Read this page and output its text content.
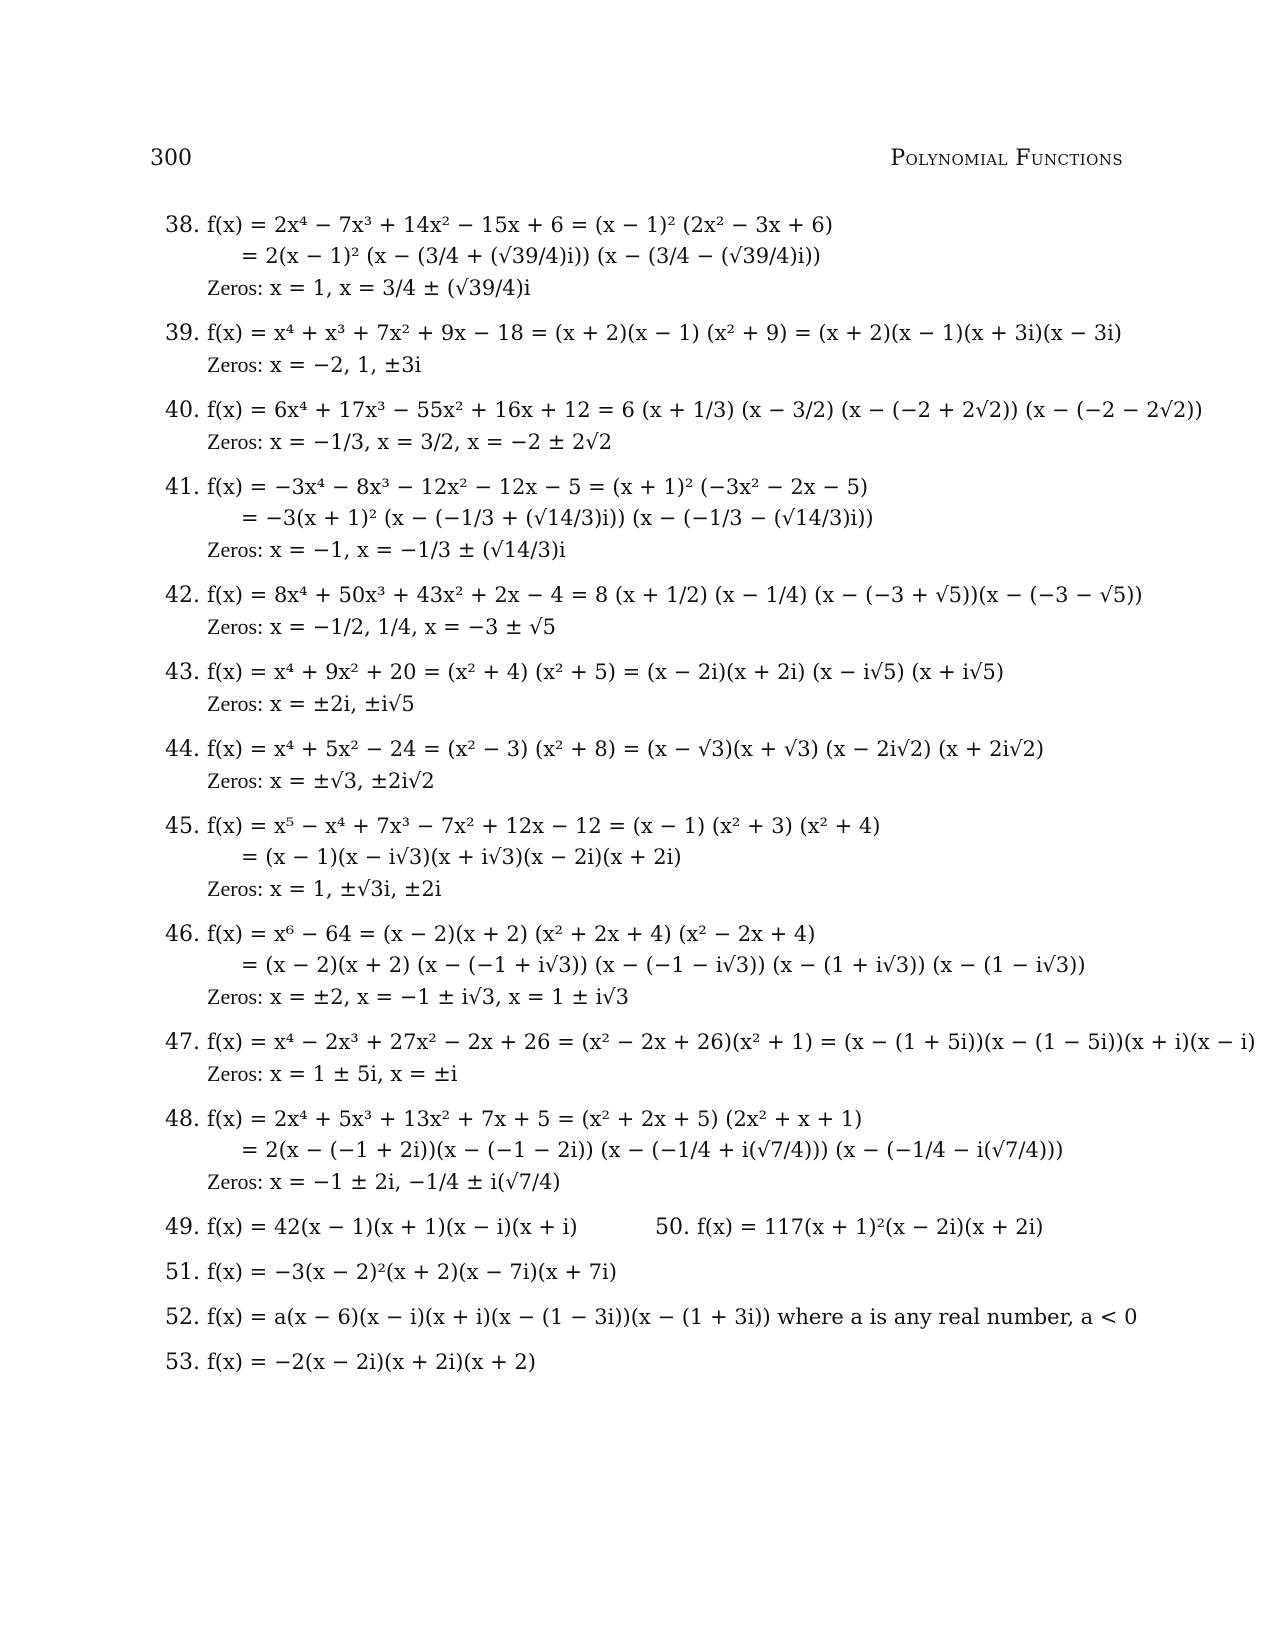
300	Polynomial Functions
38. f(x) = 2x⁴ − 7x³ + 14x² − 15x + 6 = (x − 1)² (2x² − 3x + 6)
= 2(x − 1)² (x − (3/4 + (√39/4)i)) (x − (3/4 − (√39/4)i))
Zeros: x = 1, x = 3/4 ± (√39/4)i
39. f(x) = x⁴ + x³ + 7x² + 9x − 18 = (x + 2)(x − 1) (x² + 9) = (x + 2)(x − 1)(x + 3i)(x − 3i)
Zeros: x = −2, 1, ±3i
40. f(x) = 6x⁴ + 17x³ − 55x² + 16x + 12 = 6 (x + 1/3) (x − 3/2) (x − (−2 + 2√2)) (x − (−2 − 2√2))
Zeros: x = −1/3, x = 3/2, x = −2 ± 2√2
41. f(x) = −3x⁴ − 8x³ − 12x² − 12x − 5 = (x + 1)² (−3x² − 2x − 5)
= −3(x + 1)² (x − (−1/3 + (√14/3)i)) (x − (−1/3 − (√14/3)i))
Zeros: x = −1, x = −1/3 ± (√14/3)i
42. f(x) = 8x⁴ + 50x³ + 43x² + 2x − 4 = 8 (x + 1/2) (x − 1/4) (x − (−3 + √5))(x − (−3 − √5))
Zeros: x = −1/2, 1/4, x = −3 ± √5
43. f(x) = x⁴ + 9x² + 20 = (x² + 4) (x² + 5) = (x − 2i)(x + 2i) (x − i√5) (x + i√5)
Zeros: x = ±2i, ±i√5
44. f(x) = x⁴ + 5x² − 24 = (x² − 3) (x² + 8) = (x − √3)(x + √3) (x − 2i√2) (x + 2i√2)
Zeros: x = ±√3, ±2i√2
45. f(x) = x⁵ − x⁴ + 7x³ − 7x² + 12x − 12 = (x − 1) (x² + 3) (x² + 4)
= (x − 1)(x − i√3)(x + i√3)(x − 2i)(x + 2i)
Zeros: x = 1, ±√3i, ±2i
46. f(x) = x⁶ − 64 = (x − 2)(x + 2) (x² + 2x + 4) (x² − 2x + 4)
= (x − 2)(x + 2) (x − (−1 + i√3)) (x − (−1 − i√3)) (x − (1 + i√3)) (x − (1 − i√3))
Zeros: x = ±2, x = −1 ± i√3, x = 1 ± i√3
47. f(x) = x⁴ − 2x³ + 27x² − 2x + 26 = (x² − 2x + 26)(x² + 1) = (x − (1 + 5i))(x − (1 − 5i))(x + i)(x − i)
Zeros: x = 1 ± 5i, x = ±i
48. f(x) = 2x⁴ + 5x³ + 13x² + 7x + 5 = (x² + 2x + 5) (2x² + x + 1)
= 2(x − (−1 + 2i))(x − (−1 − 2i)) (x − (−1/4 + i(√7/4))) (x − (−1/4 − i(√7/4)))
Zeros: x = −1 ± 2i, −1/4 ± i(√7/4)
49. f(x) = 42(x − 1)(x + 1)(x − i)(x + i)	50. f(x) = 117(x + 1)²(x − 2i)(x + 2i)
51. f(x) = −3(x − 2)²(x + 2)(x − 7i)(x + 7i)
52. f(x) = a(x − 6)(x − i)(x + i)(x − (1 − 3i))(x − (1 + 3i)) where a is any real number, a < 0
53. f(x) = −2(x − 2i)(x + 2i)(x + 2)
